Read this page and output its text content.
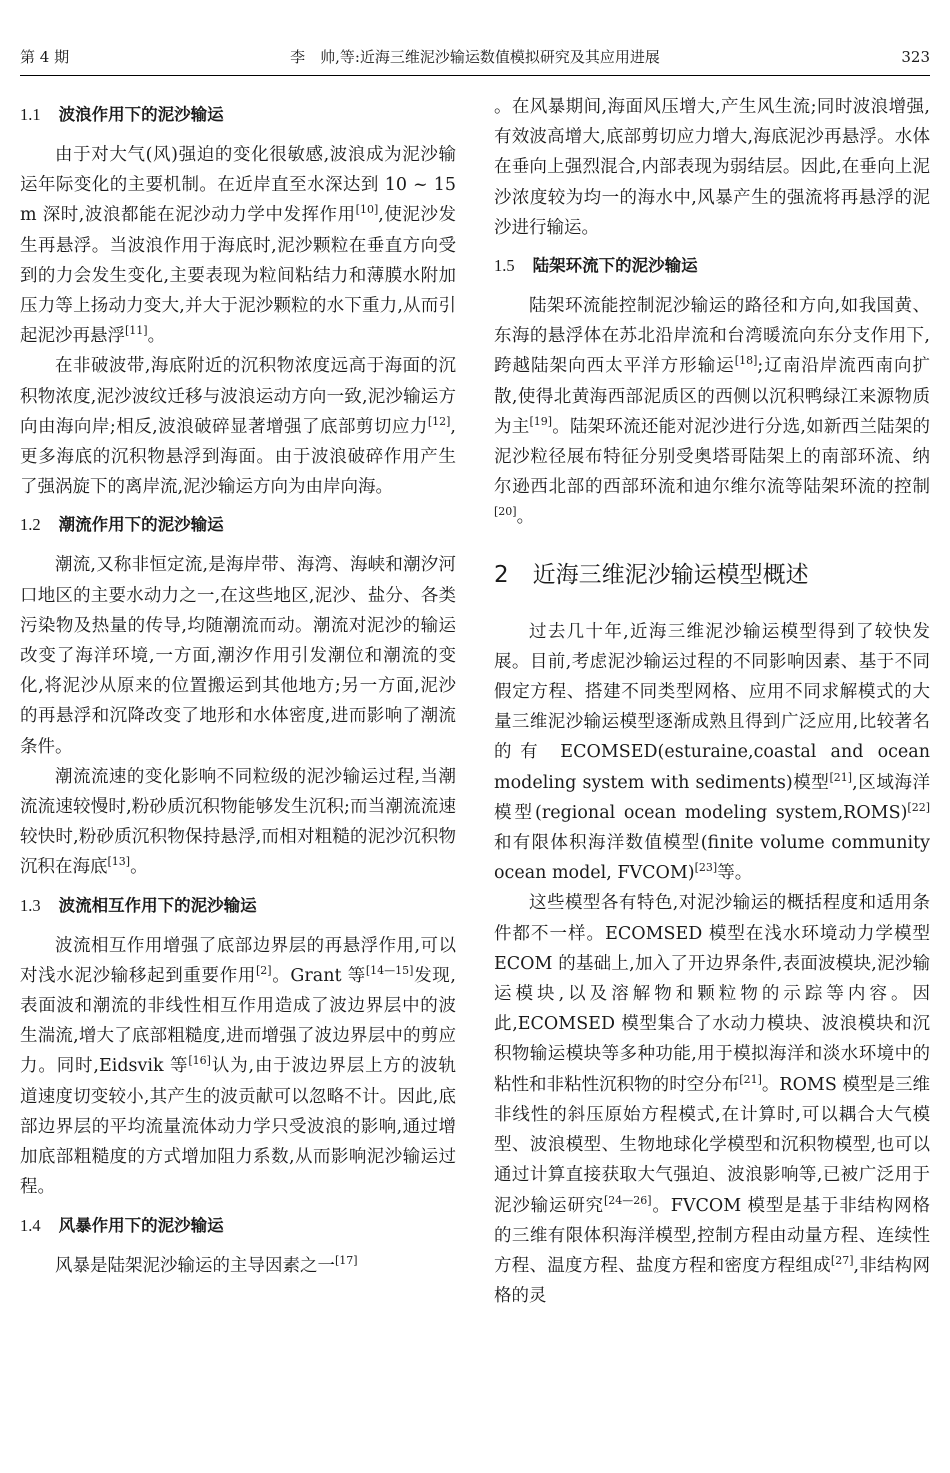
第 4 期	李　帅,等:近海三维泥沙输运数值模拟研究及其应用进展	323
1.1 波浪作用下的泥沙输运

由于对大气(风)强迫的变化很敏感,波浪成为泥沙输运年际变化的主要机制。在近岸直至水深达到 10 ~ 15 m 深时,波浪都能在泥沙动力学中发挥作用[10],使泥沙发生再悬浮。当波浪作用于海底时,泥沙颗粒在垂直方向受到的力会发生变化,主要表现为粒间粘结力和薄膜水附加压力等上扬动力变大,并大于泥沙颗粒的水下重力,从而引起泥沙再悬浮[11]。

在非破波带,海底附近的沉积物浓度远高于海面的沉积物浓度,泥沙波纹迁移与波浪运动方向一致,泥沙输运方向由海向岸;相反,波浪破碎显著增强了底部剪切应力[12],更多海底的沉积物悬浮到海面。由于波浪破碎作用产生了强涡旋下的离岸流,泥沙输运方向为由岸向海。

1.2 潮流作用下的泥沙输运

潮流,又称非恒定流,是海岸带、海湾、海峡和潮汐河口地区的主要水动力之一,在这些地区,泥沙、盐分、各类污染物及热量的传导,均随潮流而动。潮流对泥沙的输运改变了海洋环境,一方面,潮汐作用引发潮位和潮流的变化,将泥沙从原来的位置搬运到其他地方;另一方面,泥沙的再悬浮和沉降改变了地形和水体密度,进而影响了潮流条件。

潮流流速的变化影响不同粒级的泥沙输运过程,当潮流流速较慢时,粉砂质沉积物能够发生沉积;而当潮流流速较快时,粉砂质沉积物保持悬浮,而相对粗糙的泥沙沉积物沉积在海底[13]。

1.3 波流相互作用下的泥沙输运

波流相互作用增强了底部边界层的再悬浮作用,可以对浅水泥沙输移起到重要作用[2]。Grant 等[14—15]发现,表面波和潮流的非线性相互作用造成了波边界层中的波生湍流,增大了底部粗糙度,进而增强了波边界层中的剪应力。同时,Eidsvik 等[16]认为,由于波边界层上方的波轨道速度切变较小,其产生的波贡献可以忽略不计。因此,底部边界层的平均流量流体动力学只受波浪的影响,通过增加底部粗糙度的方式增加阻力系数,从而影响泥沙输运过程。

1.4 风暴作用下的泥沙输运

风暴是陆架泥沙输运的主导因素之一[17]

。在风暴期间,海面风压增大,产生风生流;同时波浪增强,有效波高增大,底部剪切应力增大,海底泥沙再悬浮。水体在垂向上强烈混合,内部表现为弱结层。因此,在垂向上泥沙浓度较为均一的海水中,风暴产生的强流将再悬浮的泥沙进行输运。

1.5 陆架环流下的泥沙输运

陆架环流能控制泥沙输运的路径和方向,如我国黄、东海的悬浮体在苏北沿岸流和台湾暖流向东分支作用下,跨越陆架向西太平洋方形输运[18];辽南沿岸流西南向扩散,使得北黄海西部泥质区的西侧以沉积鸭绿江来源物质为主[19]。陆架环流还能对泥沙进行分选,如新西兰陆架的泥沙粒径展布特征分别受奥塔哥陆架上的南部环流、纳尔逊西北部的西部环流和迪尔维尔流等陆架环流的控制[20]。

2 近海三维泥沙输运模型概述

过去几十年,近海三维泥沙输运模型得到了较快发展。目前,考虑泥沙输运过程的不同影响因素、基于不同假定方程、搭建不同类型网格、应用不同求解模式的大量三维泥沙输运模型逐渐成熟且得到广泛应用,比较著名的有 ECOMSED(esturaine,coastal and ocean modeling system with sediments)模型[21],区域海洋模型(regional ocean modeling system,ROMS)[22]和有限体积海洋数值模型(finite volume community ocean model, FVCOM)[23]等。

这些模型各有特色,对泥沙输运的概括程度和适用条件都不一样。ECOMSED 模型在浅水环境动力学模型 ECOM 的基础上,加入了开边界条件,表面波模块,泥沙输运模块,以及溶解物和颗粒物的示踪等内容。因此,ECOMSED 模型集合了水动力模块、波浪模块和沉积物输运模块等多种功能,用于模拟海洋和淡水环境中的粘性和非粘性沉积物的时空分布[21]。ROMS 模型是三维非线性的斜压原始方程模式,在计算时,可以耦合大气模型、波浪模型、生物地球化学模型和沉积物模型,也可以通过计算直接获取大气强迫、波浪影响等,已被广泛用于泥沙输运研究[24—26]。FVCOM 模型是基于非结构网格的三维有限体积海洋模型,控制方程由动量方程、连续性方程、温度方程、盐度方程和密度方程组成[27],非结构网格的灵
